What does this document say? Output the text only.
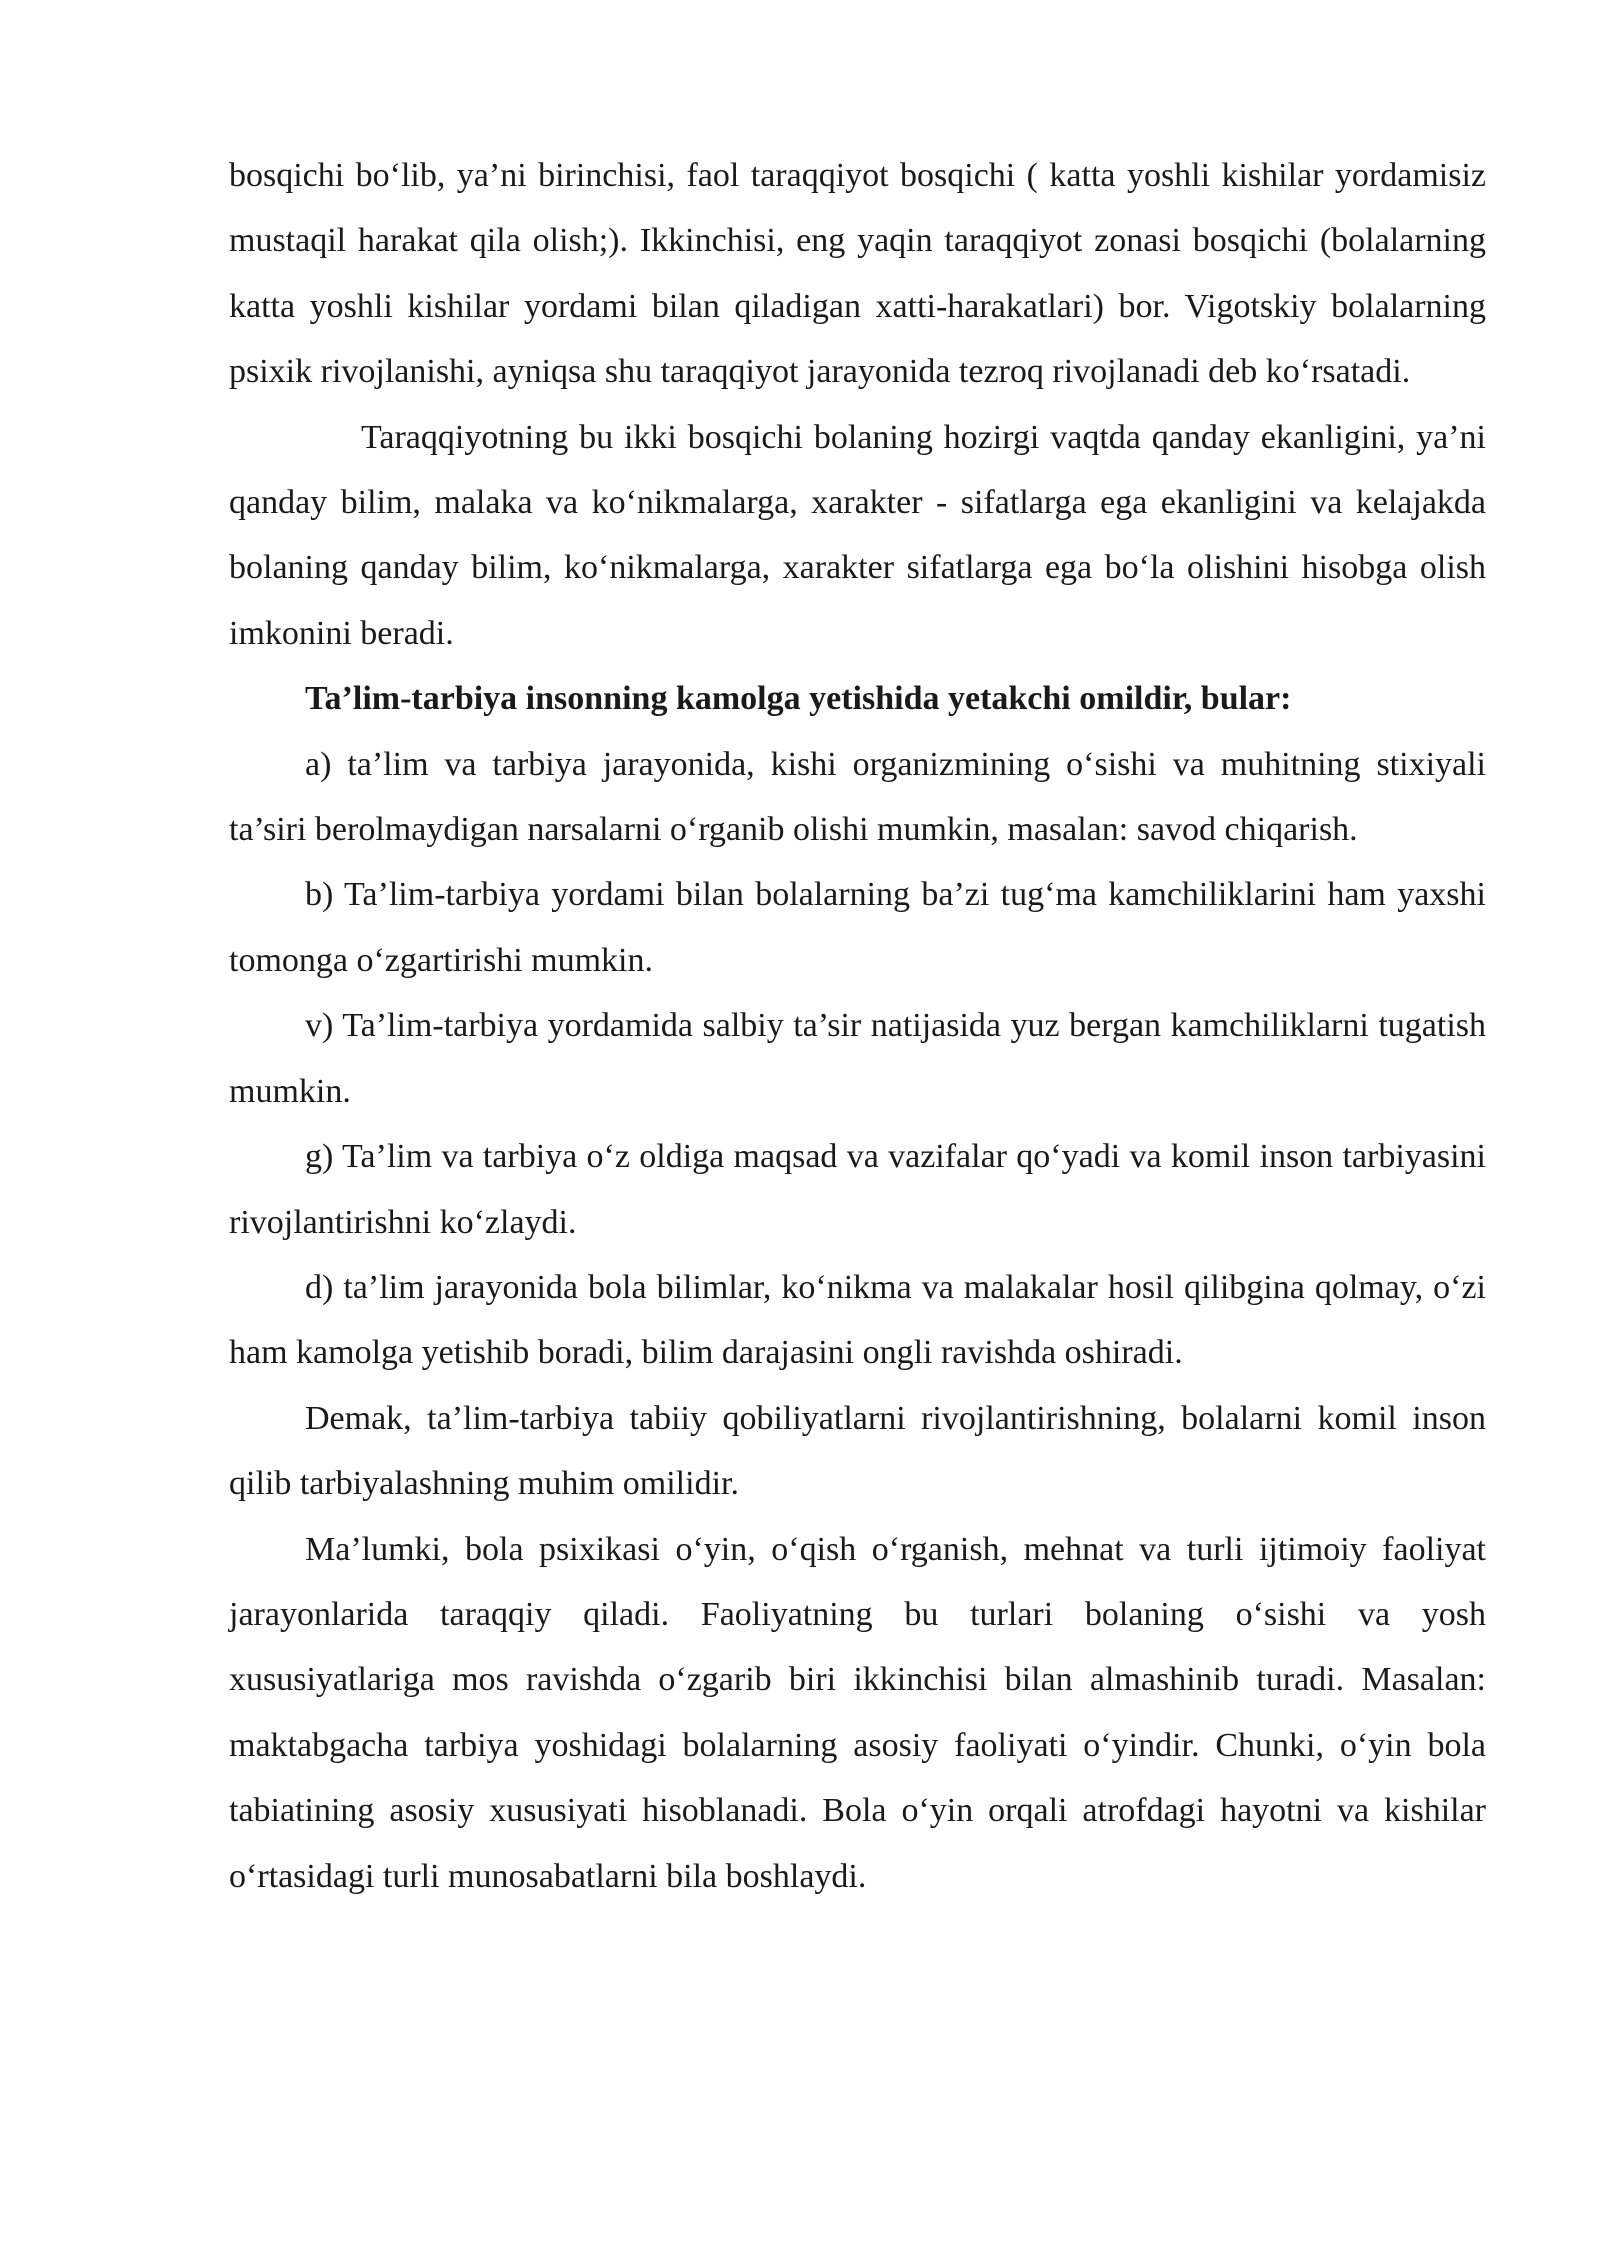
bosqichi bo‘lib, ya’ni birinchisi, faol taraqqiyot bosqichi ( katta yoshli kishilar yordamisiz mustaqil harakat qila olish;). Ikkinchisi, eng yaqin taraqqiyot zonasi bosqichi (bolalarning katta yoshli kishilar yordami bilan qiladigan xatti-harakatlari) bor. Vigotskiy bolalarning psixik rivojlanishi, ayniqsa shu taraqqiyot jarayonida tezroq rivojlanadi deb ko‘rsatadi.

Taraqqiyotning bu ikki bosqichi bolaning hozirgi vaqtda qanday ekanligini, ya’ni qanday bilim, malaka va ko‘nikmalarga, xarakter - sifatlarga ega ekanligini va kelajakda bolaning qanday bilim, ko‘nikmalarga, xarakter sifatlarga ega bo‘la olishini hisobga olish imkonini beradi.

Ta’lim-tarbiya insonning kamolga yetishida yetakchi omildir, bular:

a) ta’lim va tarbiya jarayonida, kishi organizmining o‘sishi va muhitning stixiyali ta’siri berolmaydigan narsalarni o‘rganib olishi mumkin, masalan: savod chiqarish.

b) Ta’lim-tarbiya yordami bilan bolalarning ba’zi tug‘ma kamchiliklarini ham yaxshi tomonga o‘zgartirishi mumkin.

v) Ta’lim-tarbiya yordamida salbiy ta’sir natijasida yuz bergan kamchiliklarni tugatish mumkin.

g) Ta’lim va tarbiya o‘z oldiga maqsad va vazifalar qo‘yadi va komil inson tarbiyasini rivojlantirishni ko‘zlaydi.

d) ta’lim jarayonida bola bilimlar, ko‘nikma va malakalar hosil qilibgina qolmay, o‘zi ham kamolga yetishib boradi, bilim darajasini ongli ravishda oshiradi.

Demak, ta’lim-tarbiya tabiiy qobiliyatlarni rivojlantirishning, bolalarni komil inson qilib tarbiyalashning muhim omilidir.

Ma’lumki, bola psixikasi o‘yin, o‘qish o‘rganish, mehnat va turli ijtimoiy faoliyat jarayonlarida taraqqiy qiladi. Faoliyatning bu turlari bolaning o‘sishi va yosh xususiyatlariga mos ravishda o‘zgarib biri ikkinchisi bilan almashinib turadi. Masalan: maktabgacha tarbiya yoshidagi bolalarning asosiy faoliyati o‘yindir. Chunki, o‘yin bola tabiatining asosiy xususiyati hisoblanadi. Bola o‘yin orqali atrofdagi hayotni va kishilar o‘rtasidagi turli munosabatlarni bila boshlaydi.
